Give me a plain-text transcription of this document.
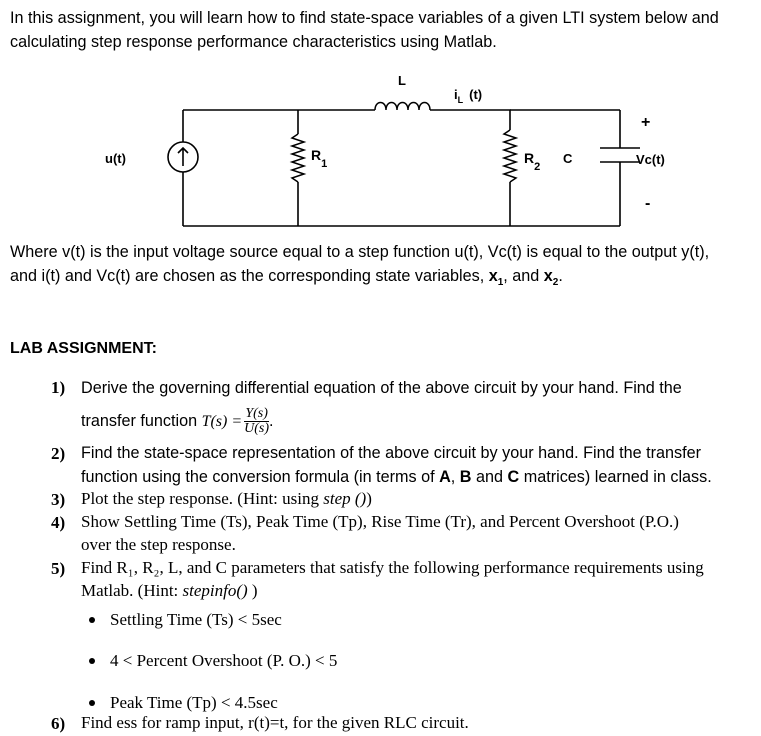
In this assignment, you will learn how to find state-space variables of a given LTI system below and
calculating step response performance characteristics using Matlab.
u(t)	$R_1$
L
$i_L$ (t)
$R_2$
C
+
Vc(t)
-
Where v(t) is the input voltage source equal to a step function u(t), Vc(t) is equal to the output y(t),
and i(t) and Vc(t) are chosen as the corresponding state variables, $x_1$, and $x_2$.
LAB ASSIGNMENT:
1) Derive the governing differential equation of the above circuit by your hand. Find the
transfer function $T(s) = \frac{Y(s)}{U(s)}$ .
2) Find the state-space representation of the above circuit by your hand. Find the transfer
function using the conversion formula (in terms of A, B and C matrices) learned in class.
3) Plot the step response. (Hint: using step ())
4) Show Settling Time (Ts), Peak Time (Tp), Rise Time (Tr), and Percent Overshoot (P.O.)
over the step response.
5) Find R₁, R₂, L, and C parameters that satisfy the following performance requirements using
Matlab. (Hint: stepinfo() )
Settling Time (Ts) < 5sec
4 < Percent Overshoot (P. O.) < 5
Peak Time (Tp) < 4.5sec
6) Find ess for ramp input, r(t)=t, for the given RLC circuit.
